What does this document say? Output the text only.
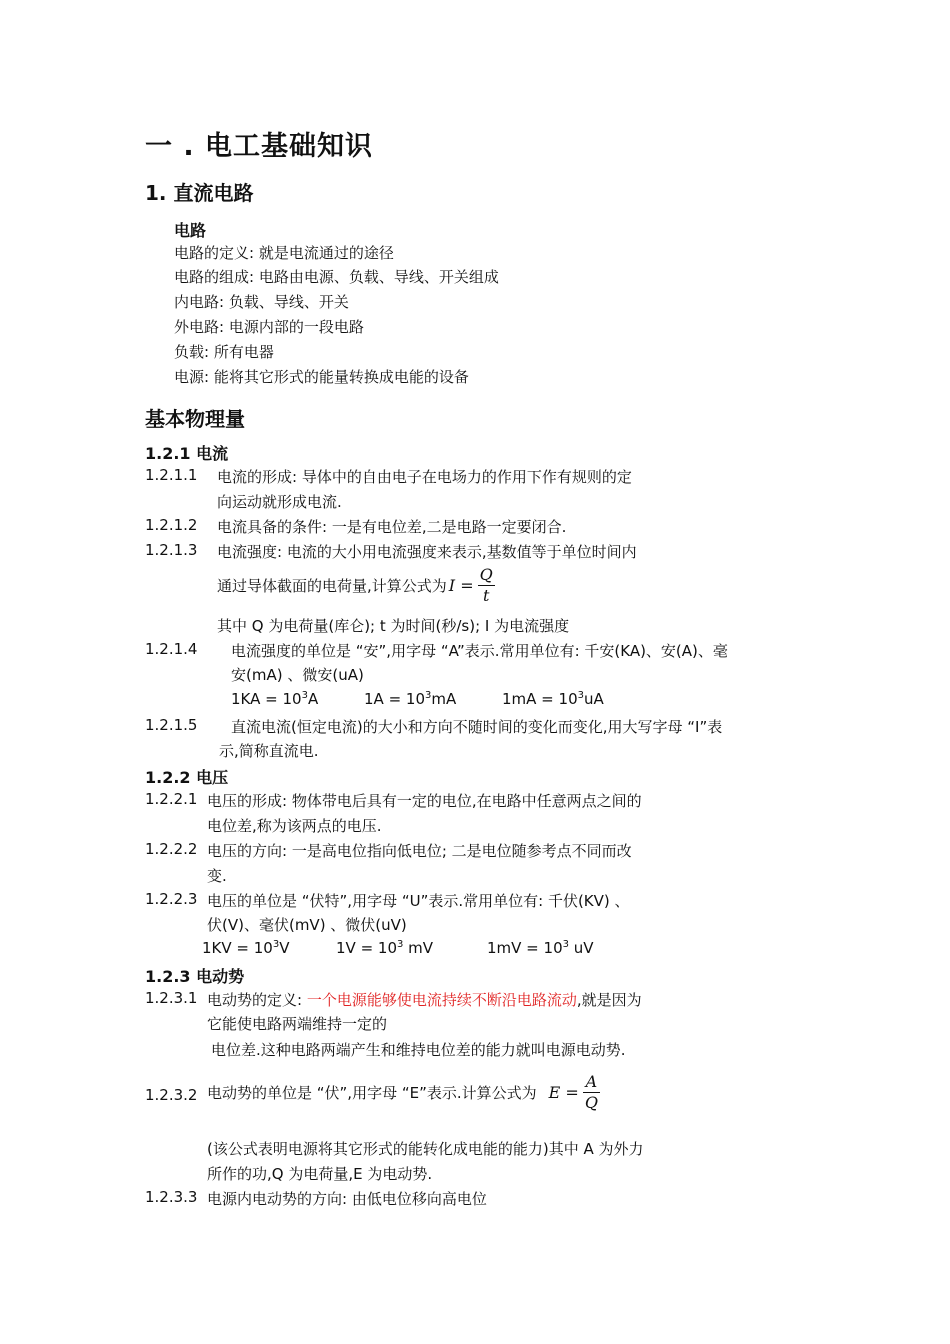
一 . 电工基础知识
1. 直流电路
电路
电路的定义: 就是电流通过的途径
电路的组成: 电路由电源、负载、导线、开关组成
内电路: 负载、导线、开关
外电路: 电源内部的一段电路
负载: 所有电器
电源: 能将其它形式的能量转换成电能的设备
基本物理量
1.2.1 电流
1.2.1.1 电流的形成: 导体中的自由电子在电场力的作用下作有规则的定
向运动就形成电流.
1.2.1.2 电流具备的条件: 一是有电位差,二是电路一定要闭合.
1.2.1.3 电流强度: 电流的大小用电流强度来表示,基数值等于单位时间内
通过导体截面的电荷量,计算公式为 $I = \frac{Q}{t}$
其中 Q 为电荷量(库仑); t 为时间(秒/s); I 为电流强度
1.2.1.4 电流强度的单位是 “安”,用字母 “A”表示.常用单位有: 千安(KA)、安(A)、毫
安(mA) 、微安(uA)
$1KA = 10^3A$	$1A = 10^3mA$	$1mA = 10^3uA$
1.2.1.5 直流电流(恒定电流)的大小和方向不随时间的变化而变化,用大写字母 “I”表
示,简称直流电.
1.2.2 电压
1.2.2.1 电压的形成: 物体带电后具有一定的电位,在电路中任意两点之间的
电位差,称为该两点的电压.
1.2.2.2 电压的方向: 一是高电位指向低电位; 二是电位随参考点不同而改
变.
1.2.2.3 电压的单位是 “伏特”,用字母 “U”表示.常用单位有: 千伏(KV) 、
伏(V)、毫伏(mV) 、微伏(uV)
$1KV = 10^3V$	$1V = 10^3$ mV	$1mV = 10^3$ uV
1.2.3 电动势
1.2.3.1 电动势的定义: 一个电源能够使电流持续不断沿电路流动,就是因为
它能使电路两端维持一定的
电位差.这种电路两端产生和维持电位差的能力就叫电源电动势.
1.2.3.2 电动势的单位是 “伏”,用字母 “E”表示.计算公式为 $E = \frac{A}{Q}$
(该公式表明电源将其它形式的能转化成电能的能力)其中 A 为外力
所作的功,Q 为电荷量,E 为电动势.
1.2.3.3 电源内电动势的方向: 由低电位移向高电位
